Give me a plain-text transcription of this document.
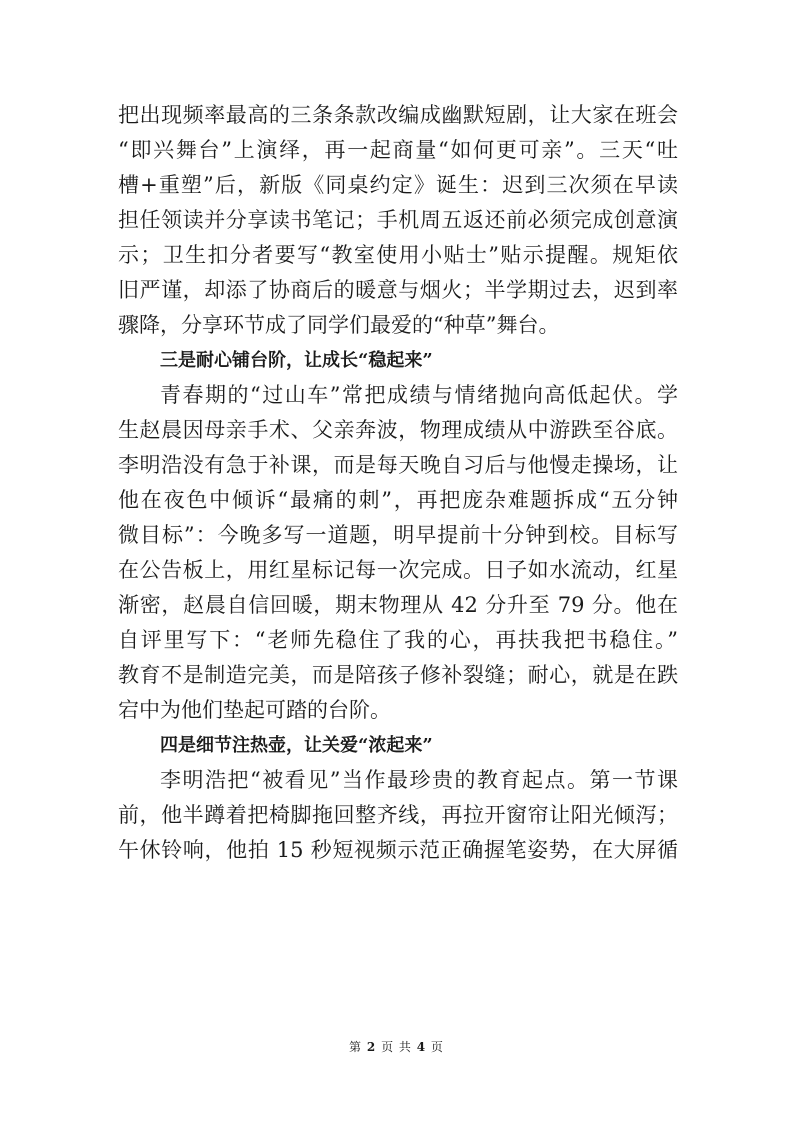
把出现频率最高的三条条款改编成幽默短剧，让大家在班会
“即兴舞台”上演绎，再一起商量“如何更可亲”。三天“吐
槽+重塑”后，新版《同桌约定》诞生：迟到三次须在早读
担任领读并分享读书笔记；手机周五返还前必须完成创意演
示；卫生扣分者要写“教室使用小贴士”贴示提醒。规矩依
旧严谨，却添了协商后的暖意与烟火；半学期过去，迟到率
骤降，分享环节成了同学们最爱的“种草”舞台。
三是耐心铺台阶，让成长“稳起来”
青春期的“过山车”常把成绩与情绪抛向高低起伏。学
生赵晨因母亲手术、父亲奔波，物理成绩从中游跌至谷底。
李明浩没有急于补课，而是每天晚自习后与他慢走操场，让
他在夜色中倾诉“最痛的刺”，再把庞杂难题拆成“五分钟
微目标”：今晚多写一道题，明早提前十分钟到校。目标写
在公告板上，用红星标记每一次完成。日子如水流动，红星
渐密，赵晨自信回暖，期末物理从 42 分升至 79 分。他在
自评里写下：“老师先稳住了我的心，再扶我把书稳住。”
教育不是制造完美，而是陪孩子修补裂缝；耐心，就是在跌
宕中为他们垫起可踏的台阶。
四是细节注热壶，让关爱“浓起来”
李明浩把“被看见”当作最珍贵的教育起点。第一节课
前，他半蹲着把椅脚拖回整齐线，再拉开窗帘让阳光倾泻；
午休铃响，他拍 15 秒短视频示范正确握笔姿势，在大屏循
第 2 页 共 4 页
